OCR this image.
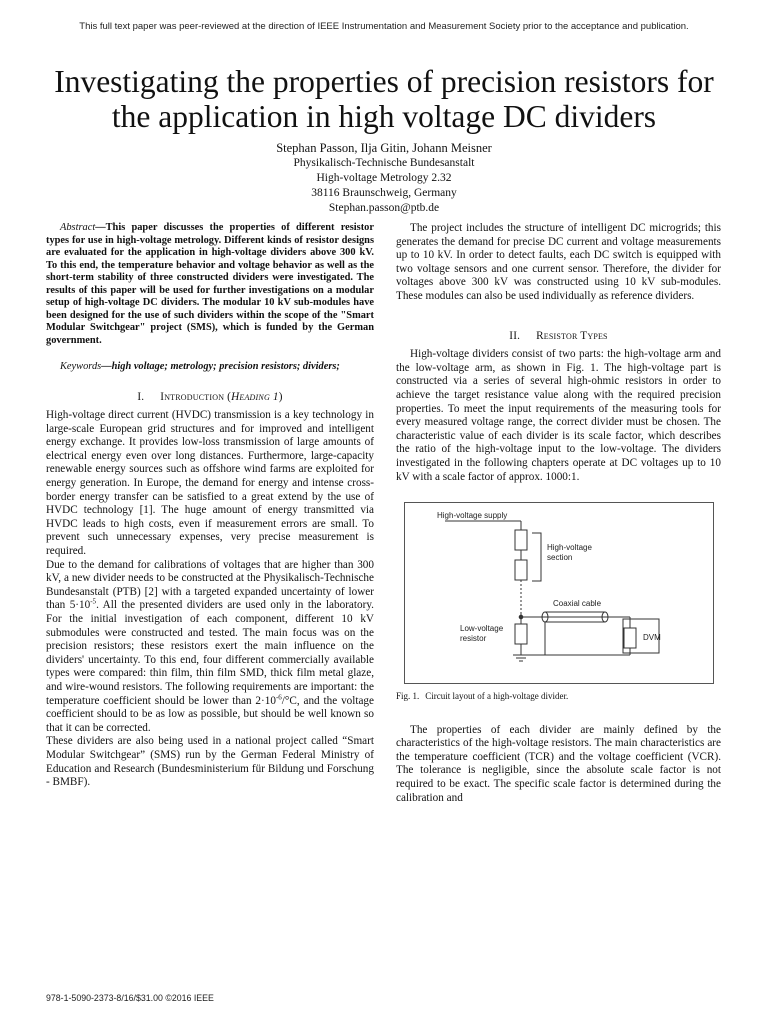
This full text paper was peer-reviewed at the direction of IEEE Instrumentation and Measurement Society prior to the acceptance and publication.
Investigating the properties of precision resistors for
the application in high voltage DC dividers
Stephan Passon, Ilja Gitin, Johann Meisner
Physikalisch-Technische Bundesanstalt
High-voltage Metrology 2.32
38116 Braunschweig, Germany
Stephan.passon@ptb.de

Abstract—This paper discusses the properties of different resistor types for use in high-voltage metrology. Different kinds of resistor designs are evaluated for the application in high-voltage dividers above 300 kV. To this end, the temperature behavior and voltage behavior as well as the short-term stability of three constructed dividers were investigated. The results of this paper will be used for further investigations on a modular setup of high-voltage DC dividers. The modular 10 kV sub-modules have been designed for the use of such dividers within the scope of the "Smart Modular Switchgear" project (SMS), which is funded by the German government.

Keywords—high voltage; metrology; precision resistors; dividers;

I. Introduction (Heading 1)

High-voltage direct current (HVDC) transmission is a key technology in large-scale European grid structures and for improved and intelligent energy exchange. It provides low-loss transmission of large amounts of electrical energy even over long distances. Furthermore, large-capacity renewable energy sources such as offshore wind farms are exploited for energy generation. In Europe, the demand for energy and intense cross-border energy transfer can be satisfied to a great extend by the use of HVDC technology [1]. The huge amount of energy transmitted via HVDC leads to high costs, even if measurement errors are small. To prevent such unnecessary expenses, very precise measurement is required.

Due to the demand for calibrations of voltages that are higher than 300 kV, a new divider needs to be constructed at the Physikalisch-Technische Bundesanstalt (PTB) [2] with a targeted expanded uncertainty of lower than $5\cdot 10^{-5}$. All the presented dividers are used only in the laboratory. For the initial investigation of each component, different 10 kV submodules were constructed and tested. The main focus was on the precision resistors; these resistors exert the main influence on the dividers' uncertainty. To this end, four different commercially available types were compared: thin film, thin film SMD, thick film metal glaze, and wire-wound resistors. The following requirements are important: the temperature coefficient should be lower than $2\cdot 10^{-6}/^\circ C$, and the voltage coefficient should to be as low as possible, but should be well known so that it can be corrected.

These dividers are also being used in a national project called “Smart Modular Switchgear” (SMS) run by the German Federal Ministry of Education and Research (Bundesministerium für Bildung und Forschung - BMBF).

The project includes the structure of intelligent DC microgrids; this generates the demand for precise DC current and voltage measurements up to 10 kV. In order to detect faults, each DC switch is equipped with two voltage sensors and one current sensor. Therefore, the divider for voltages above 300 kV was constructed using 10 kV sub-modules. These modules can also be used individually as reference dividers.

II. Resistor Types

High-voltage dividers consist of two parts: the high-voltage arm and the low-voltage arm, as shown in Fig. 1. The high-voltage part is constructed via a series of several high-ohmic resistors in order to achieve the target resistance value along with the required precision properties. To meet the input requirements of the measuring tools for every measured voltage range, the correct divider must be chosen. The characteristic value of each divider is its scale factor, which describes the ratio of the high-voltage input to the low-voltage. The dividers investigated in the following chapters operate at DC voltages up to 10 kV with a scale factor of approx. 1000:1.

High-voltage supply
High-voltage
section
Low-voltage
resistor
Coaxial cable
DVM

Fig. 1. Circuit layout of a high-voltage divider.

The properties of each divider are mainly defined by the characteristics of the high-voltage resistors. The main characteristics are the temperature coefficient (TCR) and the voltage coefficient (VCR). The tolerance is negligible, since the absolute scale factor is not required to be exact. The specific scale factor is determined during the calibration and

978-1-5090-2373-8/16/$31.00 ©2016 IEEE
